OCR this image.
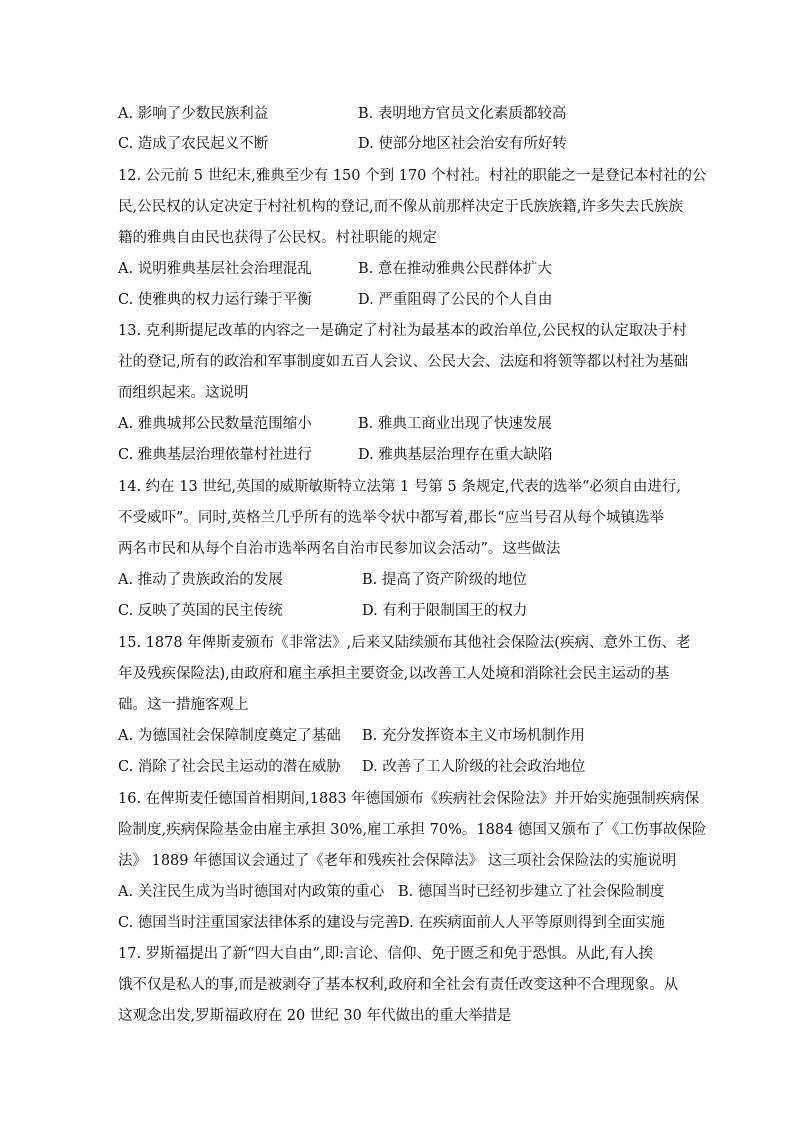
A. 影响了少数民族利益	B. 表明地方官员文化素质都较高
C. 造成了农民起义不断	D. 使部分地区社会治安有所好转
12. 公元前 5 世纪末,雅典至少有 150 个到 170 个村社。村社的职能之一是登记本村社的公
民,公民权的认定决定于村社机构的登记,而不像从前那样决定于氏族族籍,许多失去氏族族
籍的雅典自由民也获得了公民权。村社职能的规定
A. 说明雅典基层社会治理混乱	B. 意在推动雅典公民群体扩大
C. 使雅典的权力运行臻于平衡	D. 严重阻碍了公民的个人自由
13. 克利斯提尼改革的内容之一是确定了村社为最基本的政治单位,公民权的认定取决于村
社的登记,所有的政治和军事制度如五百人会议、公民大会、法庭和将领等都以村社为基础
而组织起来。这说明
A. 雅典城邦公民数量范围缩小	B. 雅典工商业出现了快速发展
C. 雅典基层治理依靠村社进行	D. 雅典基层治理存在重大缺陷
14. 约在 13 世纪,英国的威斯敏斯特立法第 1 号第 5 条规定,代表的选举“必须自由进行,
不受威吓”。同时,英格兰几乎所有的选举令状中都写着,郡长“应当号召从每个城镇选举
两名市民和从每个自治市选举两名自治市民参加议会活动”。这些做法
A. 推动了贵族政治的发展	B. 提高了资产阶级的地位
C. 反映了英国的民主传统	D. 有利于限制国王的权力
15. 1878 年俾斯麦颁布《非常法》,后来又陆续颁布其他社会保险法(疾病、意外工伤、老
年及残疾保险法),由政府和雇主承担主要资金,以改善工人处境和消除社会民主运动的基
础。这一措施客观上
A. 为德国社会保障制度奠定了基础 B. 充分发挥资本主义市场机制作用
C. 消除了社会民主运动的潜在威胁 D. 改善了工人阶级的社会政治地位
16. 在俾斯麦任德国首相期间,1883 年德国颁布《疾病社会保险法》并开始实施强制疾病保
险制度,疾病保险基金由雇主承担 30%,雇工承担 70%。1884 德国又颁布了《工伤事故保险
法》 1889 年德国议会通过了《老年和残疾社会保障法》 这三项社会保险法的实施说明
A. 关注民生成为当时德国对内政策的重心 B. 德国当时已经初步建立了社会保险制度
C. 德国当时注重国家法律体系的建设与完善 D. 在疾病面前人人平等原则得到全面实施
17. 罗斯福提出了新“四大自由”,即:言论、信仰、免于匮乏和免于恐惧。从此,有人挨
饿不仅是私人的事,而是被剥夺了基本权利,政府和全社会有责任改变这种不合理现象。从
这观念出发,罗斯福政府在 20 世纪 30 年代做出的重大举措是
